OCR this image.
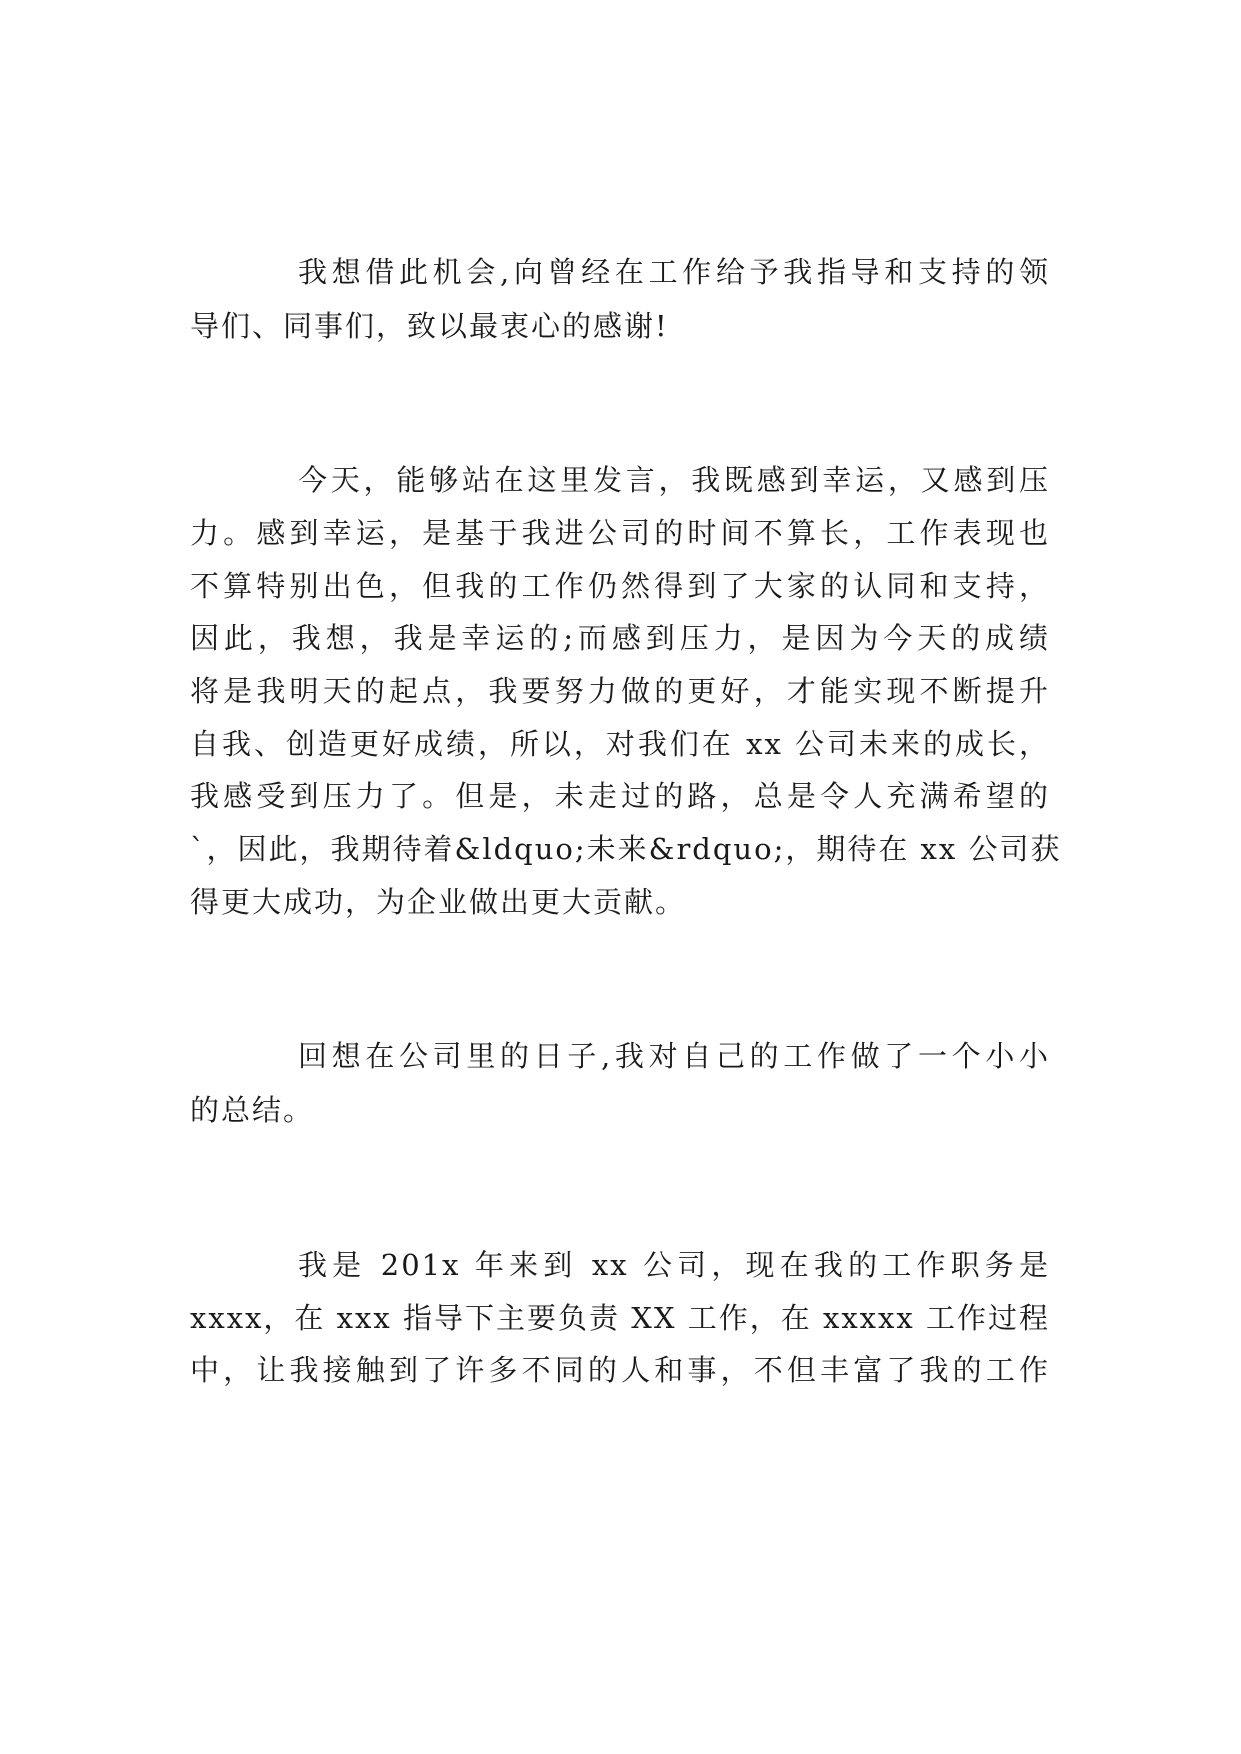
我想借此机会,向曾经在工作给予我指导和支持的领
导们、同事们，致以最衷心的感谢!
今天，能够站在这里发言，我既感到幸运，又感到压
力。感到幸运，是基于我进公司的时间不算长，工作表现也
不算特别出色，但我的工作仍然得到了大家的认同和支持，
因此，我想，我是幸运的;而感到压力，是因为今天的成绩
将是我明天的起点，我要努力做的更好，才能实现不断提升
自我、创造更好成绩，所以，对我们在 xx 公司未来的成长，
我感受到压力了。但是，未走过的路，总是令人充满希望的
`，因此，我期待着&ldquo;未来&rdquo;，期待在 xx 公司获
得更大成功，为企业做出更大贡献。
回想在公司里的日子,我对自己的工作做了一个小小
的总结。
我是 201x 年来到 xx 公司，现在我的工作职务是
xxxx，在 xxx 指导下主要负责 XX 工作，在 xxxxx 工作过程
中，让我接触到了许多不同的人和事，不但丰富了我的工作
